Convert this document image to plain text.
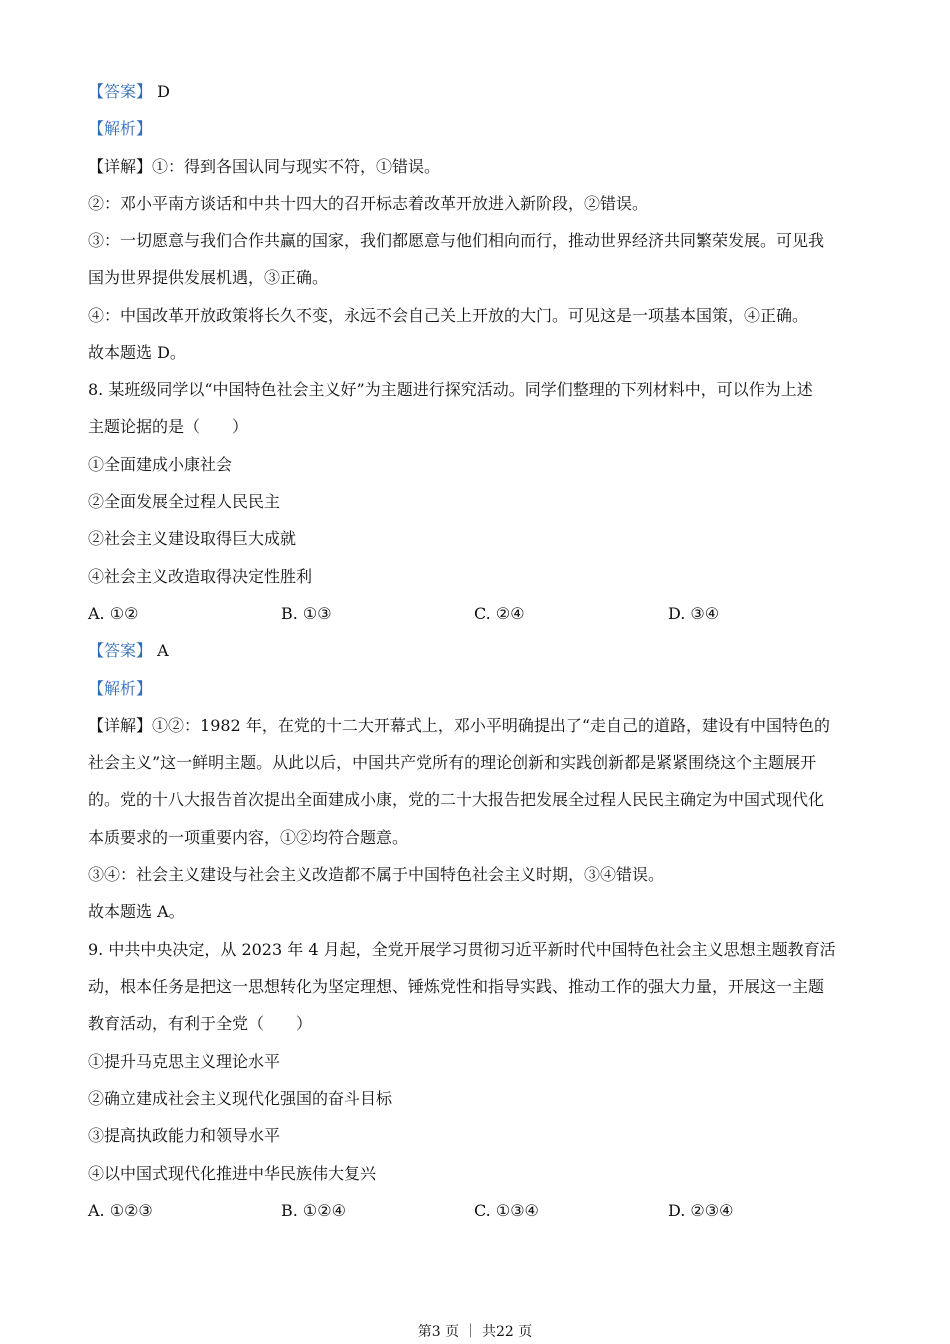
【答案】 D
【解析】
【详解】①：得到各国认同与现实不符，①错误。
②：邓小平南方谈话和中共十四大的召开标志着改革开放进入新阶段，②错误。
③：一切愿意与我们合作共赢的国家，我们都愿意与他们相向而行，推动世界经济共同繁荣发展。可见我
国为世界提供发展机遇，③正确。
④：中国改革开放政策将长久不变，永远不会自己关上开放的大门。可见这是一项基本国策，④正确。
故本题选 D。
8. 某班级同学以“中国特色社会主义好”为主题进行探究活动。同学们整理的下列材料中，可以作为上述
主题论据的是（　　）
①全面建成小康社会
②全面发展全过程人民民主
②社会主义建设取得巨大成就
④社会主义改造取得决定性胜利
A. ①②	B. ①③	C. ②④	D. ③④
【答案】 A
【解析】
【详解】①②：1982 年，在党的十二大开幕式上，邓小平明确提出了“走自己的道路，建设有中国特色的
社会主义”这一鲜明主题。从此以后，中国共产党所有的理论创新和实践创新都是紧紧围绕这个主题展开
的。党的十八大报告首次提出全面建成小康，党的二十大报告把发展全过程人民民主确定为中国式现代化
本质要求的一项重要内容，①②均符合题意。
③④：社会主义建设与社会主义改造都不属于中国特色社会主义时期，③④错误。
故本题选 A。
9. 中共中央决定，从 2023 年 4 月起，全党开展学习贯彻习近平新时代中国特色社会主义思想主题教育活
动，根本任务是把这一思想转化为坚定理想、锤炼党性和指导实践、推动工作的强大力量，开展这一主题
教育活动，有利于全党（　　）
①提升马克思主义理论水平
②确立建成社会主义现代化强国的奋斗目标
③提高执政能力和领导水平
④以中国式现代化推进中华民族伟大复兴
A. ①②③	B. ①②④	C. ①③④	D. ②③④
第3 页 ｜ 共22 页
